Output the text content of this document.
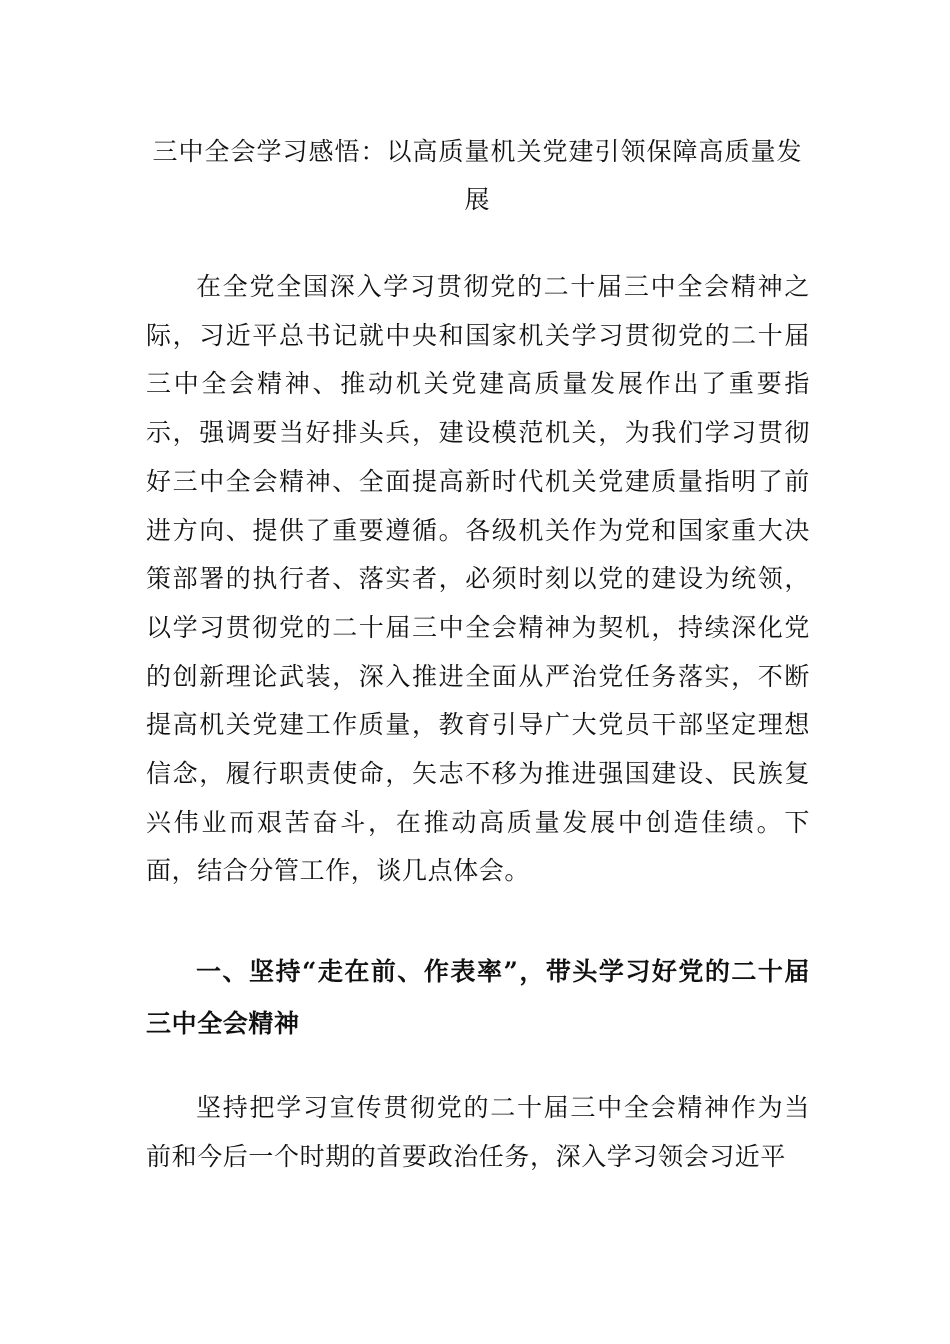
三中全会学习感悟：以高质量机关党建引领保障高质量发展

在全党全国深入学习贯彻党的二十届三中全会精神之际，习近平总书记就中央和国家机关学习贯彻党的二十届三中全会精神、推动机关党建高质量发展作出了重要指示，强调要当好排头兵，建设模范机关，为我们学习贯彻好三中全会精神、全面提高新时代机关党建质量指明了前进方向、提供了重要遵循。各级机关作为党和国家重大决策部署的执行者、落实者，必须时刻以党的建设为统领，以学习贯彻党的二十届三中全会精神为契机，持续深化党的创新理论武装，深入推进全面从严治党任务落实，不断提高机关党建工作质量，教育引导广大党员干部坚定理想信念，履行职责使命，矢志不移为推进强国建设、民族复兴伟业而艰苦奋斗，在推动高质量发展中创造佳绩。下面，结合分管工作，谈几点体会。

一、坚持“走在前、作表率”，带头学习好党的二十届三中全会精神

坚持把学习宣传贯彻党的二十届三中全会精神作为当前和今后一个时期的首要政治任务，深入学习领会习近平
